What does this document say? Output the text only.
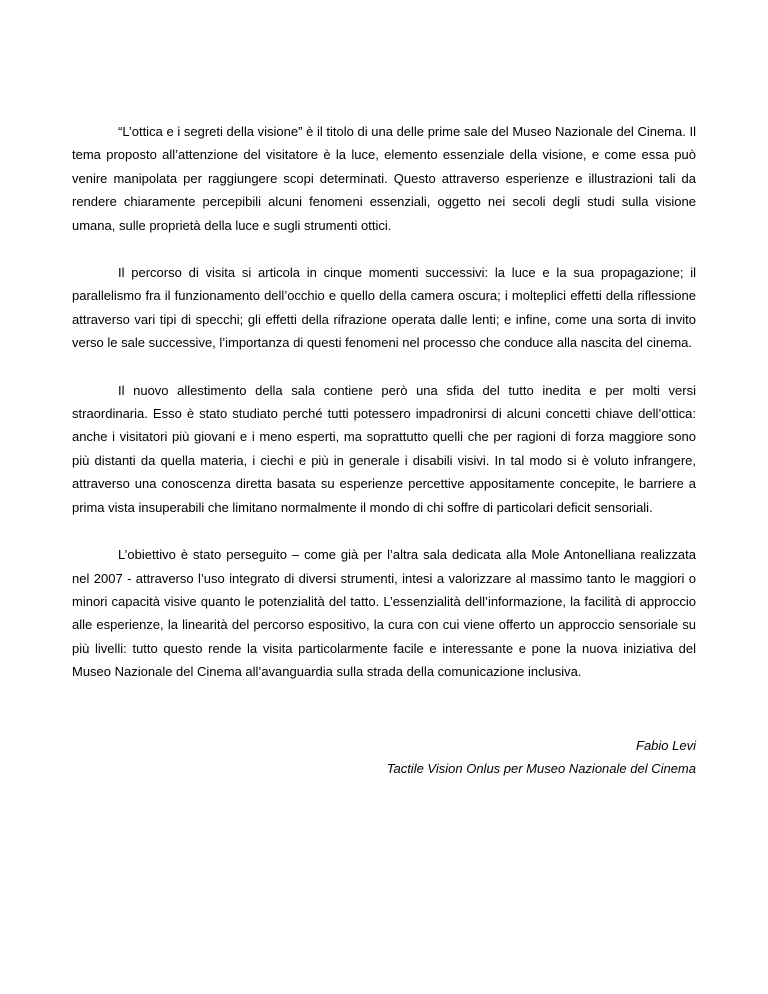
“L’ottica e i segreti della visione” è il titolo di una delle prime sale del Museo Nazionale del Cinema. Il tema proposto all’attenzione del visitatore è la luce, elemento essenziale della visione, e come essa può venire manipolata per raggiungere scopi determinati. Questo attraverso esperienze e illustrazioni tali da rendere chiaramente percepibili alcuni fenomeni essenziali, oggetto nei secoli degli studi sulla visione umana, sulle proprietà della luce e sugli strumenti ottici.

Il percorso di visita si articola in cinque momenti successivi: la luce e la sua propagazione; il parallelismo fra il funzionamento dell’occhio e quello della camera oscura; i molteplici effetti della riflessione attraverso vari tipi di specchi; gli effetti della rifrazione operata dalle lenti; e infine, come una sorta di invito verso le sale successive, l’importanza di questi fenomeni nel processo che conduce alla nascita del cinema.

Il nuovo allestimento della sala contiene però una sfida del tutto inedita e per molti versi straordinaria. Esso è stato studiato perché tutti potessero impadronirsi di alcuni concetti chiave dell’ottica: anche i visitatori più giovani e i meno esperti, ma soprattutto quelli che per ragioni di forza maggiore sono più distanti da quella materia, i ciechi e più in generale i disabili visivi. In tal modo si è voluto infrangere, attraverso una conoscenza diretta basata su esperienze percettive appositamente concepite, le barriere a prima vista insuperabili che limitano normalmente il mondo di chi soffre di particolari deficit sensoriali.

L’obiettivo è stato perseguito – come già per l’altra sala dedicata alla Mole Antonelliana realizzata nel 2007 - attraverso l’uso integrato di diversi strumenti, intesi a valorizzare al massimo tanto le maggiori o minori capacità visive quanto le potenzialità del tatto. L’essenzialità dell’informazione, la facilità di approccio alle esperienze, la linearità del percorso espositivo, la cura con cui viene offerto un approccio sensoriale su più livelli: tutto questo rende la visita particolarmente facile e interessante e pone la nuova iniziativa del Museo Nazionale del Cinema all’avanguardia sulla strada della comunicazione inclusiva.

Fabio Levi
Tactile Vision Onlus per Museo Nazionale del Cinema
